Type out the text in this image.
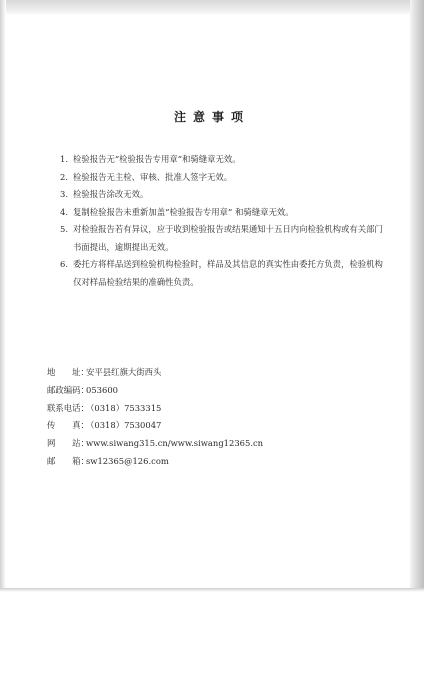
注意事项
1. 检验报告无“检验报告专用章”和骑缝章无效。
2. 检验报告无主检、审核、批准人签字无效。
3. 检验报告涂改无效。
4. 复制检验报告未重新加盖“检验报告专用章” 和骑缝章无效。
5. 对检验报告若有异议，应于收到检验报告或结果通知十五日内向检验机构或有关部门书面提出，逾期提出无效。
6. 委托方将样品送到检验机构检验时，样品及其信息的真实性由委托方负责，检验机构仅对样品检验结果的准确性负责。
地　　址：
安平县红旗大街西头
邮政编码：
053600
联系电话：
（0318）7533315
传　　真：
（0318）7530047
网　　站：
www.siwang315.cn/www.siwang12365.cn
邮　　箱：
sw12365@126.com
